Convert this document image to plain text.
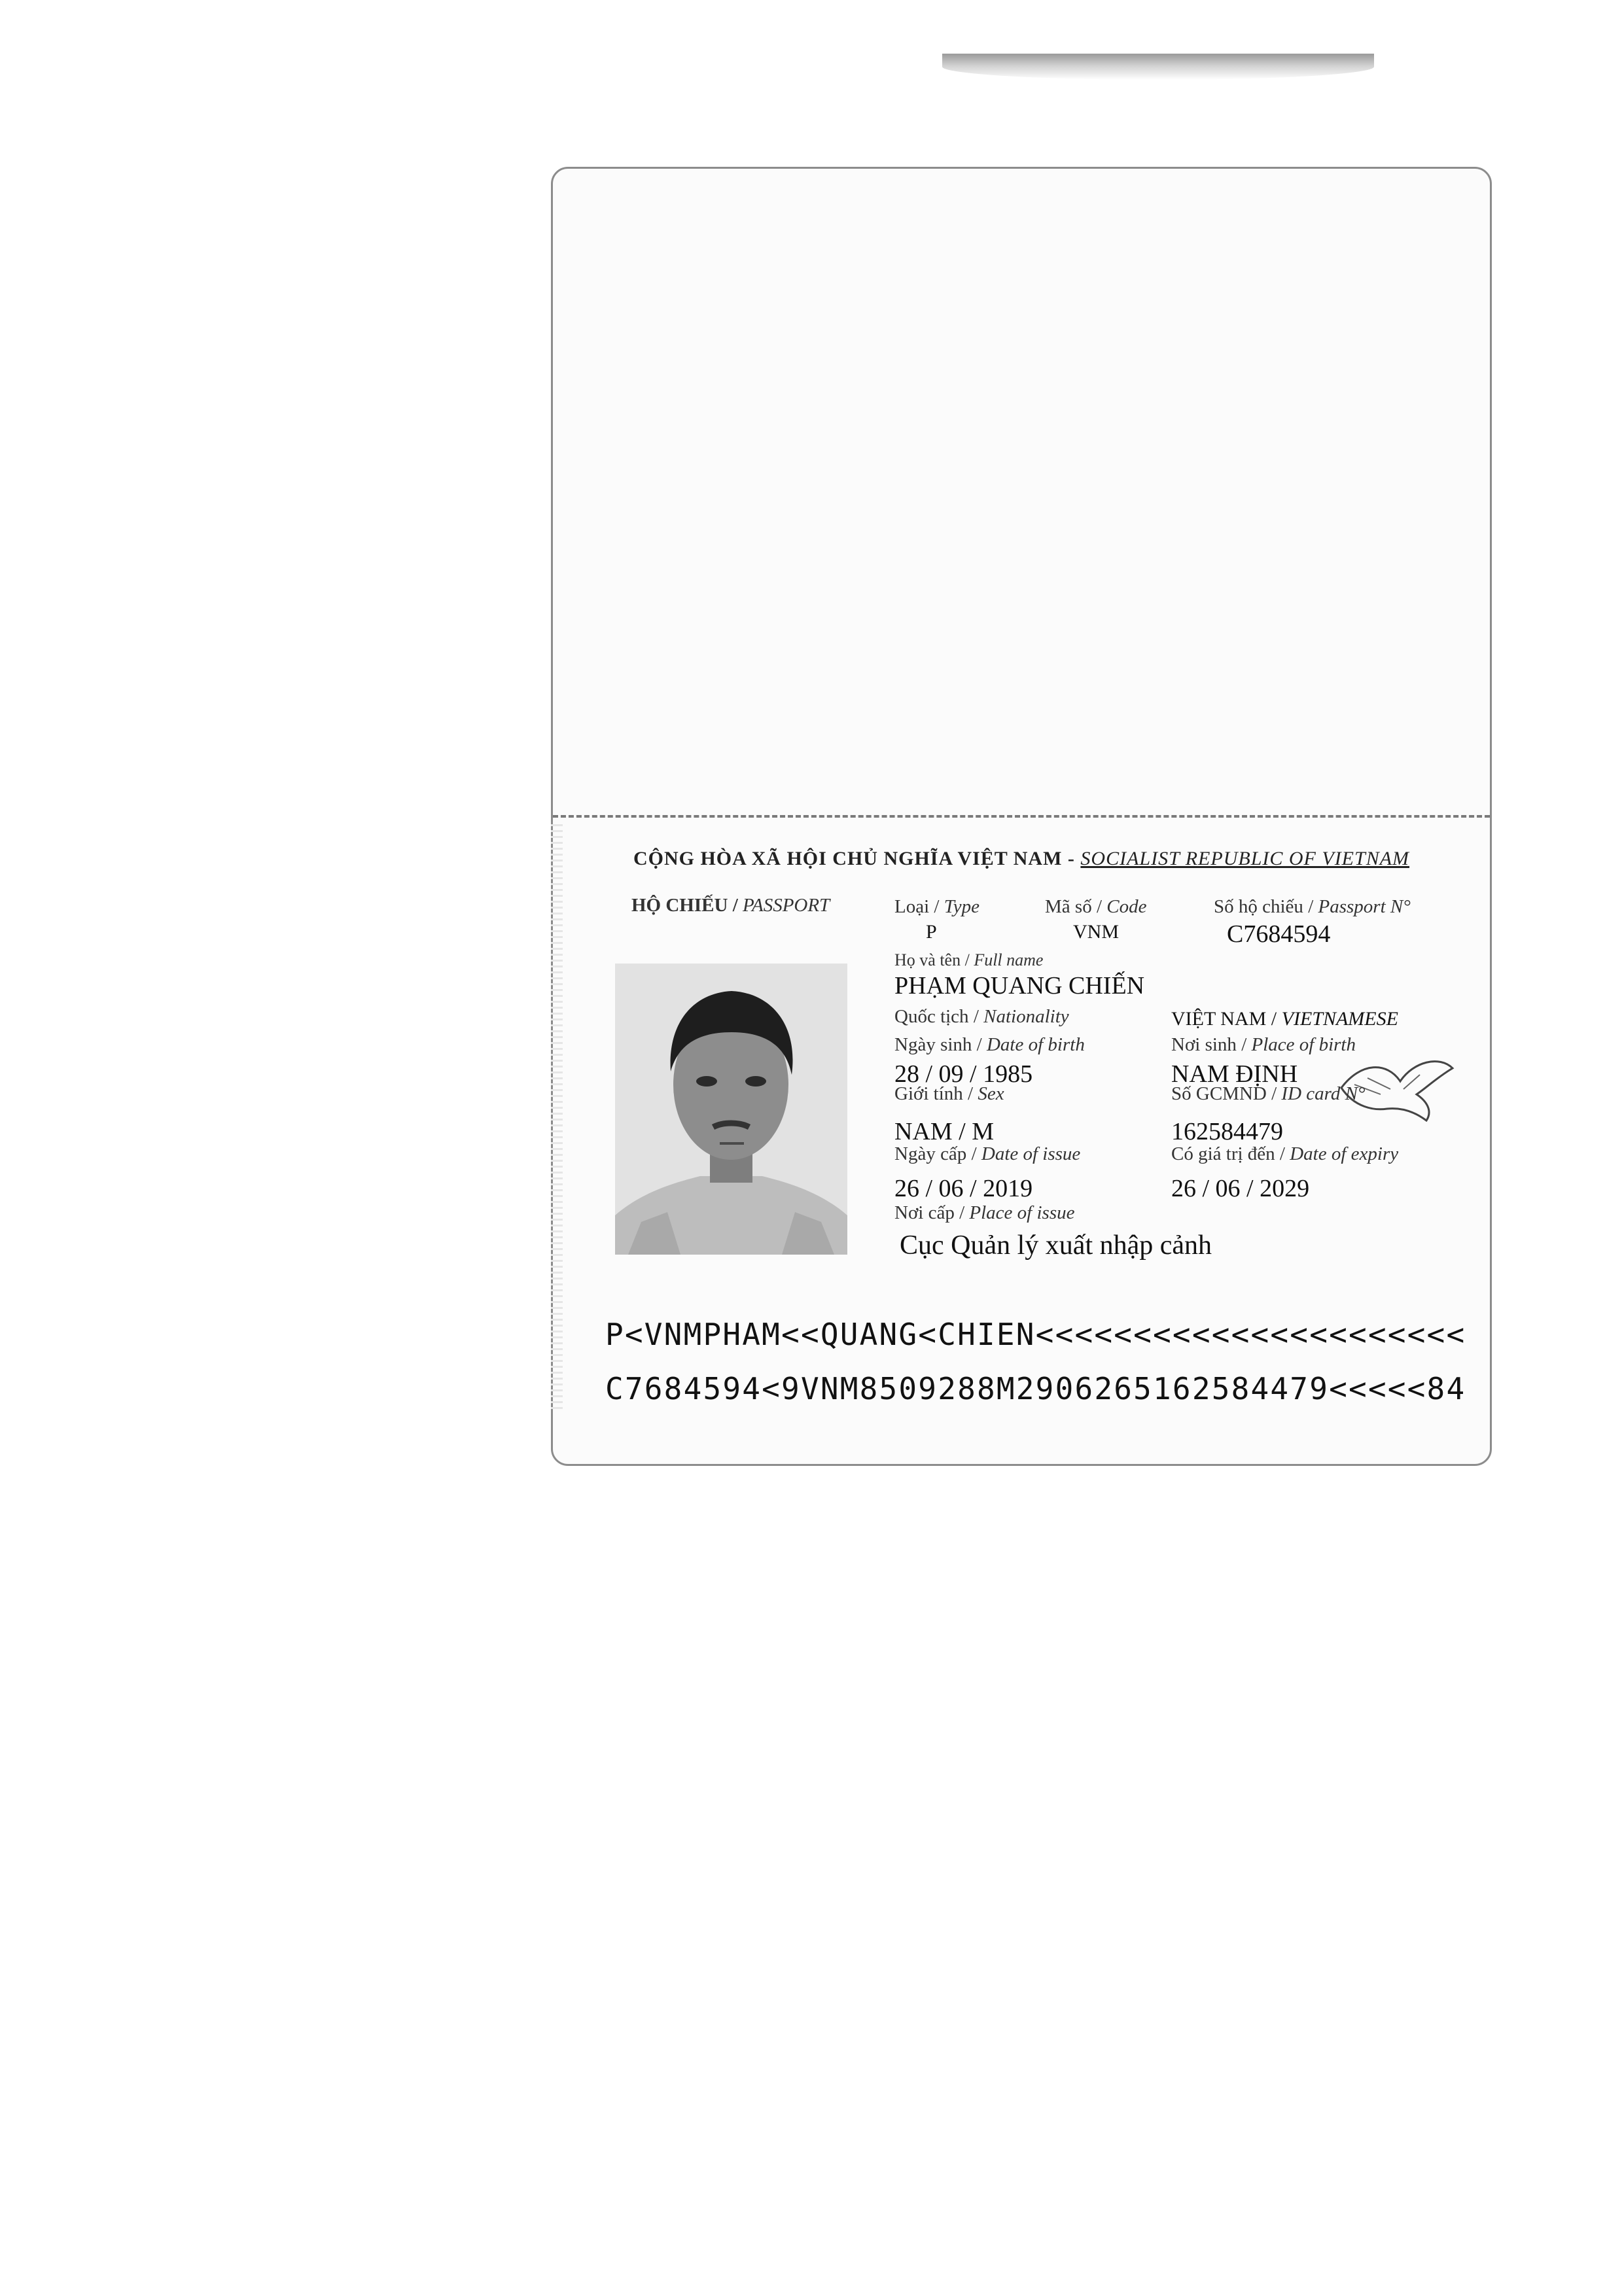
CỘNG HÒA XÃ HỘI CHỦ NGHĨA VIỆT NAM - SOCIALIST REPUBLIC OF VIETNAM
HỘ CHIẾU / PASSPORT	Loại / Type	Mã số / Code	Số hộ chiếu / Passport N°
P	VNM	C7684594
Họ và tên / Full name
PHẠM QUANG CHIẾN
Quốc tịch / Nationality	VIỆT NAM / VIETNAMESE
Ngày sinh / Date of birth	Nơi sinh / Place of birth
28 / 09 / 1985	NAM ĐỊNH
Giới tính / Sex	Số GCMND / ID card N°
NAM / M	162584479
Ngày cấp / Date of issue	Có giá trị đến / Date of expiry
26 / 06 / 2019	26 / 06 / 2029
Nơi cấp / Place of issue
Cục Quản lý xuất nhập cảnh
P<VNMPHAM<<QUANG<CHIEN<<<<<<<<<<<<<<<<<<<<<<
C7684594<9VNM8509288M2906265162584479<<<<<84
